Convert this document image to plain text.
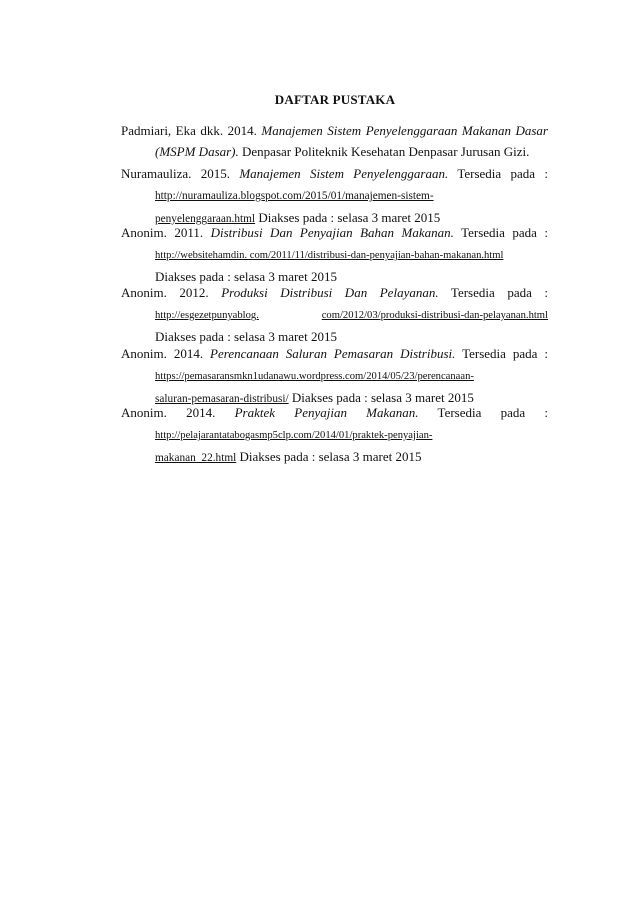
DAFTAR PUSTAKA
Padmiari, Eka dkk. 2014. Manajemen Sistem Penyelenggaraan Makanan Dasar
(MSPM Dasar). Denpasar Politeknik Kesehatan Denpasar Jurusan Gizi.
Nuramauliza. 2015. Manajemen Sistem Penyelenggaraan. Tersedia pada :
http://nuramauliza.blogspot.com/2015/01/manajemen-sistem-
penyelenggaraan.html Diakses pada : selasa 3 maret 2015
Anonim. 2011. Distribusi Dan Penyajian Bahan Makanan. Tersedia pada :
http://websitehamdin. com/2011/11/distribusi-dan-penyajian-bahan-makanan.html
Diakses pada : selasa 3 maret 2015
Anonim. 2012. Produksi Distribusi Dan Pelayanan. Tersedia pada :
http://esgezetpunyablog.	com/2012/03/produksi-distribusi-dan-pelayanan.html
Diakses pada : selasa 3 maret 2015
Anonim. 2014. Perencanaan Saluran Pemasaran Distribusi. Tersedia pada :
https://pemasaransmkn1udanawu.wordpress.com/2014/05/23/perencanaan-
saluran-pemasaran-distribusi/ Diakses pada : selasa 3 maret 2015
Anonim. 2014. Praktek Penyajian Makanan. Tersedia pada :
http://pelajarantatabogasmp5clp.com/2014/01/praktek-penyajian-
makanan_22.html Diakses pada : selasa 3 maret 2015
